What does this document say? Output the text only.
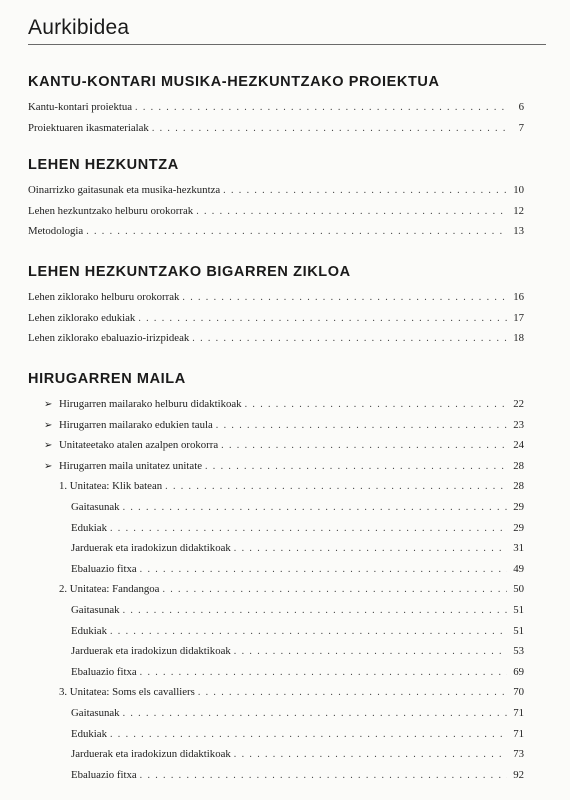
Aurkibidea
KANTU-KONTARI MUSIKA-HEZKUNTZAKO PROIEKTUA
Kantu-kontari proiektua . . .	6
Proiektuaren ikasmaterialak . . .	7
LEHEN HEZKUNTZA
Oinarrizko gaitasunak eta musika-hezkuntza . . .	10
Lehen hezkuntzako helburu orokorrak . . .	12
Metodologia . . .	13
LEHEN HEZKUNTZAKO BIGARREN ZIKLOA
Lehen ziklorako helburu orokorrak . . .	16
Lehen ziklorako edukiak . . .	17
Lehen ziklorako ebaluazio-irizpideak . . .	18
HIRUGARREN MAILA
➢ Hirugarren mailarako helburu didaktikoak . . .	22
➢ Hirugarren mailarako edukien taula . . .	23
➢ Unitateetako atalen azalpen orokorra . . .	24
➢ Hirugarren maila unitatez unitate . . .	28
1. Unitatea: Klik batean . . .	28
Gaitasunak . . .	29
Edukiak . . .	29
Jarduerak eta iradokizun didaktikoak . . .	31
Ebaluazio fitxa . . .	49
2. Unitatea: Fandangoa . . .	50
Gaitasunak . . .	51
Edukiak . . .	51
Jarduerak eta iradokizun didaktikoak . . .	53
Ebaluazio fitxa . . .	69
3. Unitatea: Soms els cavalliers . . .	70
Gaitasunak . . .	71
Edukiak . . .	71
Jarduerak eta iradokizun didaktikoak . . .	73
Ebaluazio fitxa . . .	92
